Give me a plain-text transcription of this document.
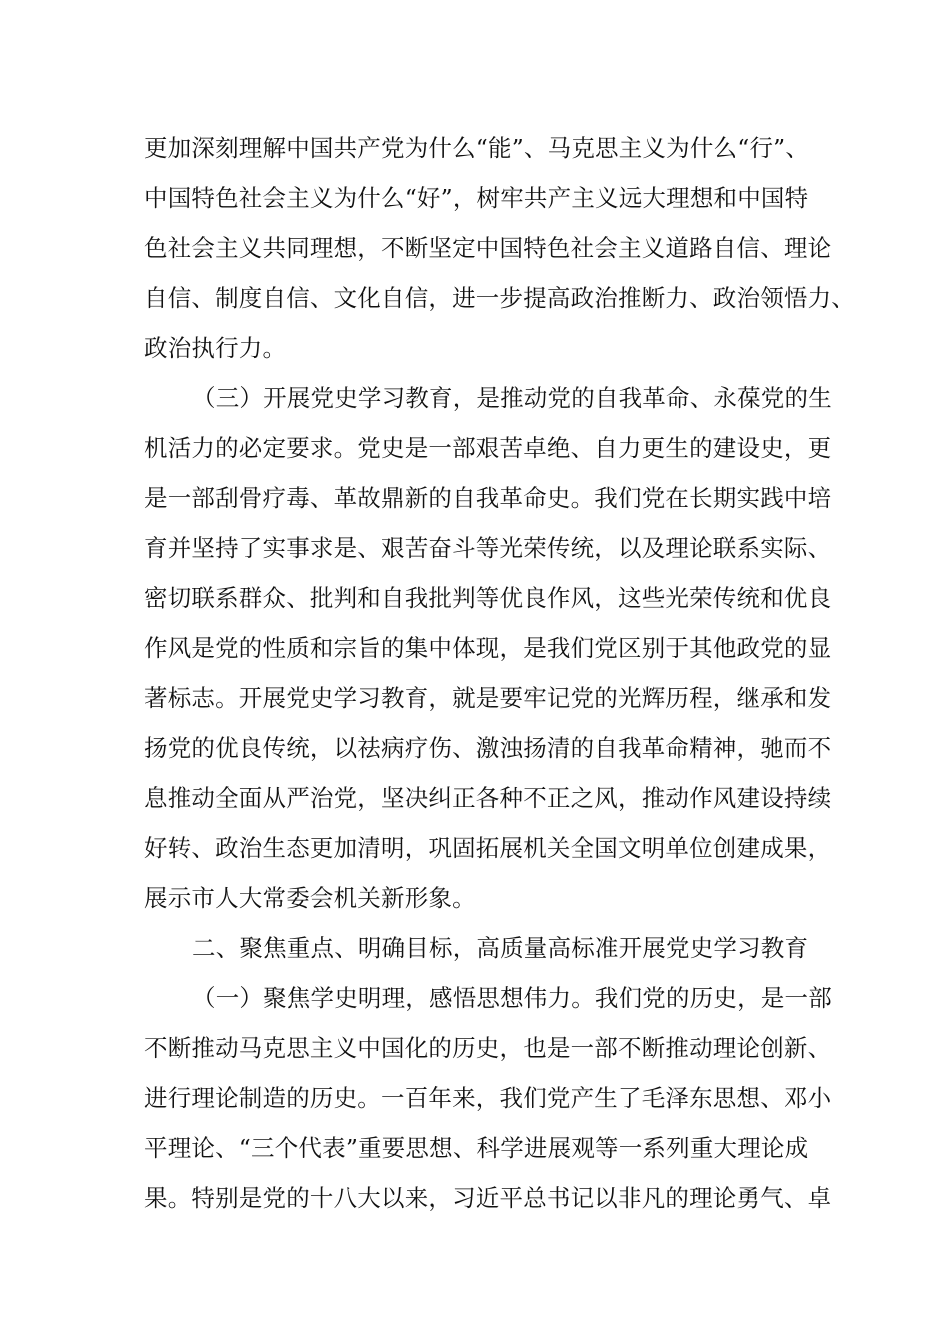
更加深刻理解中国共产党为什么“能”、马克思主义为什么“行”、
中国特色社会主义为什么“好”，树牢共产主义远大理想和中国特
色社会主义共同理想，不断坚定中国特色社会主义道路自信、理论
自信、制度自信、文化自信，进一步提高政治推断力、政治领悟力、
政治执行力。
（三）开展党史学习教育，是推动党的自我革命、永葆党的生
机活力的必定要求。党史是一部艰苦卓绝、自力更生的建设史，更
是一部刮骨疗毒、革故鼎新的自我革命史。我们党在长期实践中培
育并坚持了实事求是、艰苦奋斗等光荣传统，以及理论联系实际、
密切联系群众、批判和自我批判等优良作风，这些光荣传统和优良
作风是党的性质和宗旨的集中体现，是我们党区别于其他政党的显
著标志。开展党史学习教育，就是要牢记党的光辉历程，继承和发
扬党的优良传统，以祛病疗伤、激浊扬清的自我革命精神，驰而不
息推动全面从严治党，坚决纠正各种不正之风，推动作风建设持续
好转、政治生态更加清明，巩固拓展机关全国文明单位创建成果，
展示市人大常委会机关新形象。
二、聚焦重点、明确目标，高质量高标准开展党史学习教育
（一）聚焦学史明理，感悟思想伟力。我们党的历史，是一部
不断推动马克思主义中国化的历史，也是一部不断推动理论创新、
进行理论制造的历史。一百年来，我们党产生了毛泽东思想、邓小
平理论、“三个代表”重要思想、科学进展观等一系列重大理论成
果。特别是党的十八大以来，习近平总书记以非凡的理论勇气、卓
